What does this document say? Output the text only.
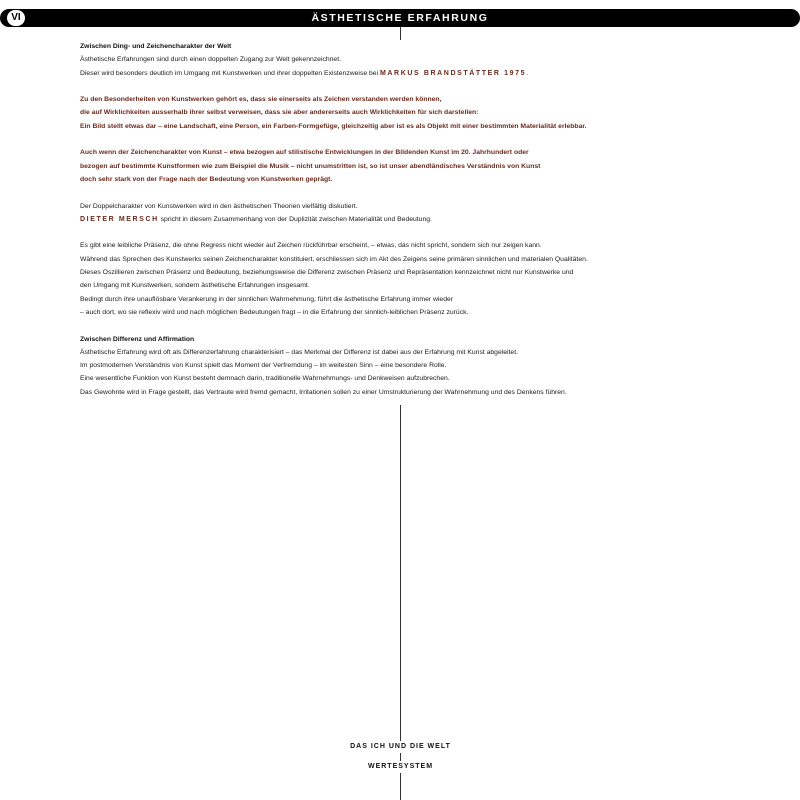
VI	ÄSTHETISCHE ERFAHRUNG

Zwischen Ding- und Zeichencharakter der Welt

Ästhetische Erfahrungen sind durch einen doppelten Zugang zur Welt gekennzeichnet.

Dieser wird besonders deutlich im Umgang mit Kunstwerken und ihrer doppelten Existenzweise bei MARKUS BRANDSTÄTTER 1975.

Zu den Besonderheiten von Kunstwerken gehört es, dass sie einerseits als Zeichen verstanden werden können,

die auf Wirklichkeiten ausserhalb ihrer selbst verweisen, dass sie aber andererseits auch Wirklichkeiten für sich darstellen:

Ein Bild stellt etwas dar – eine Landschaft, eine Person, ein Farben-Formgefüge, gleichzeitig aber ist es als Objekt mit einer bestimmten Materialität erlebbar.

Auch wenn der Zeichencharakter von Kunst – etwa bezogen auf stilistische Entwicklungen in der Bildenden Kunst im 20. Jahrhundert oder

bezogen auf bestimmte Kunstformen wie zum Beispiel die Musik – nicht unumstritten ist, so ist unser abendländisches Verständnis von Kunst

doch sehr stark von der Frage nach der Bedeutung von Kunstwerken geprägt.

Der Doppelcharakter von Kunstwerken wird in den ästhetischen Theorien vielfältig diskutiert.

DIETER MERSCH spricht in diesem Zusammenhang von der Duplizität zwischen Materialität und Bedeutung.

Es gibt eine leibliche Präsenz, die ohne Regress nicht wieder auf Zeichen rückführbar erscheint, – etwas, das nicht spricht, sondern sich nur zeigen kann.

Während das Sprechen des Kunstwerks seinen Zeichencharakter konstituiert, erschliessen sich im Akt des Zeigens seine primären sinnlichen und materialen Qualitäten.

Dieses Oszillieren zwischen Präsenz und Bedeutung, beziehungsweise die Differenz zwischen Präsenz und Repräsentation kennzeichnet nicht nur Kunstwerke und

den Umgang mit Kunstwerken, sondern ästhetische Erfahrungen insgesamt.

Bedingt durch ihre unauflösbare Verankerung in der sinnlichen Wahrnehmung, führt die ästhetische Erfahrung immer wieder

– auch dort, wo sie reflexiv wird und nach möglichen Bedeutungen fragt – in die Erfahrung der sinnlich-leiblichen Präsenz zurück.

Zwischen Differenz und Affirmation

Ästhetische Erfahrung wird oft als Differenzerfahrung charakterisiert – das Merkmal der Differenz ist dabei aus der Erfahrung mit Kunst abgeleitet.

Im postmodernen Verständnis von Kunst spielt das Moment der Verfremdung – im weitesten Sinn – eine besondere Rolle.

Eine wesentliche Funktion von Kunst besteht demnach darin, traditionelle Wahrnehmungs- und Denkweisen aufzubrechen.

Das Gewohnte wird in Frage gestellt, das Vertraute wird fremd gemacht, Irritationen sollen zu einer Umstrukturierung der Wahrnehmung und des Denkens führen.

DAS ICH UND DIE WELT
WERTESYSTEM
